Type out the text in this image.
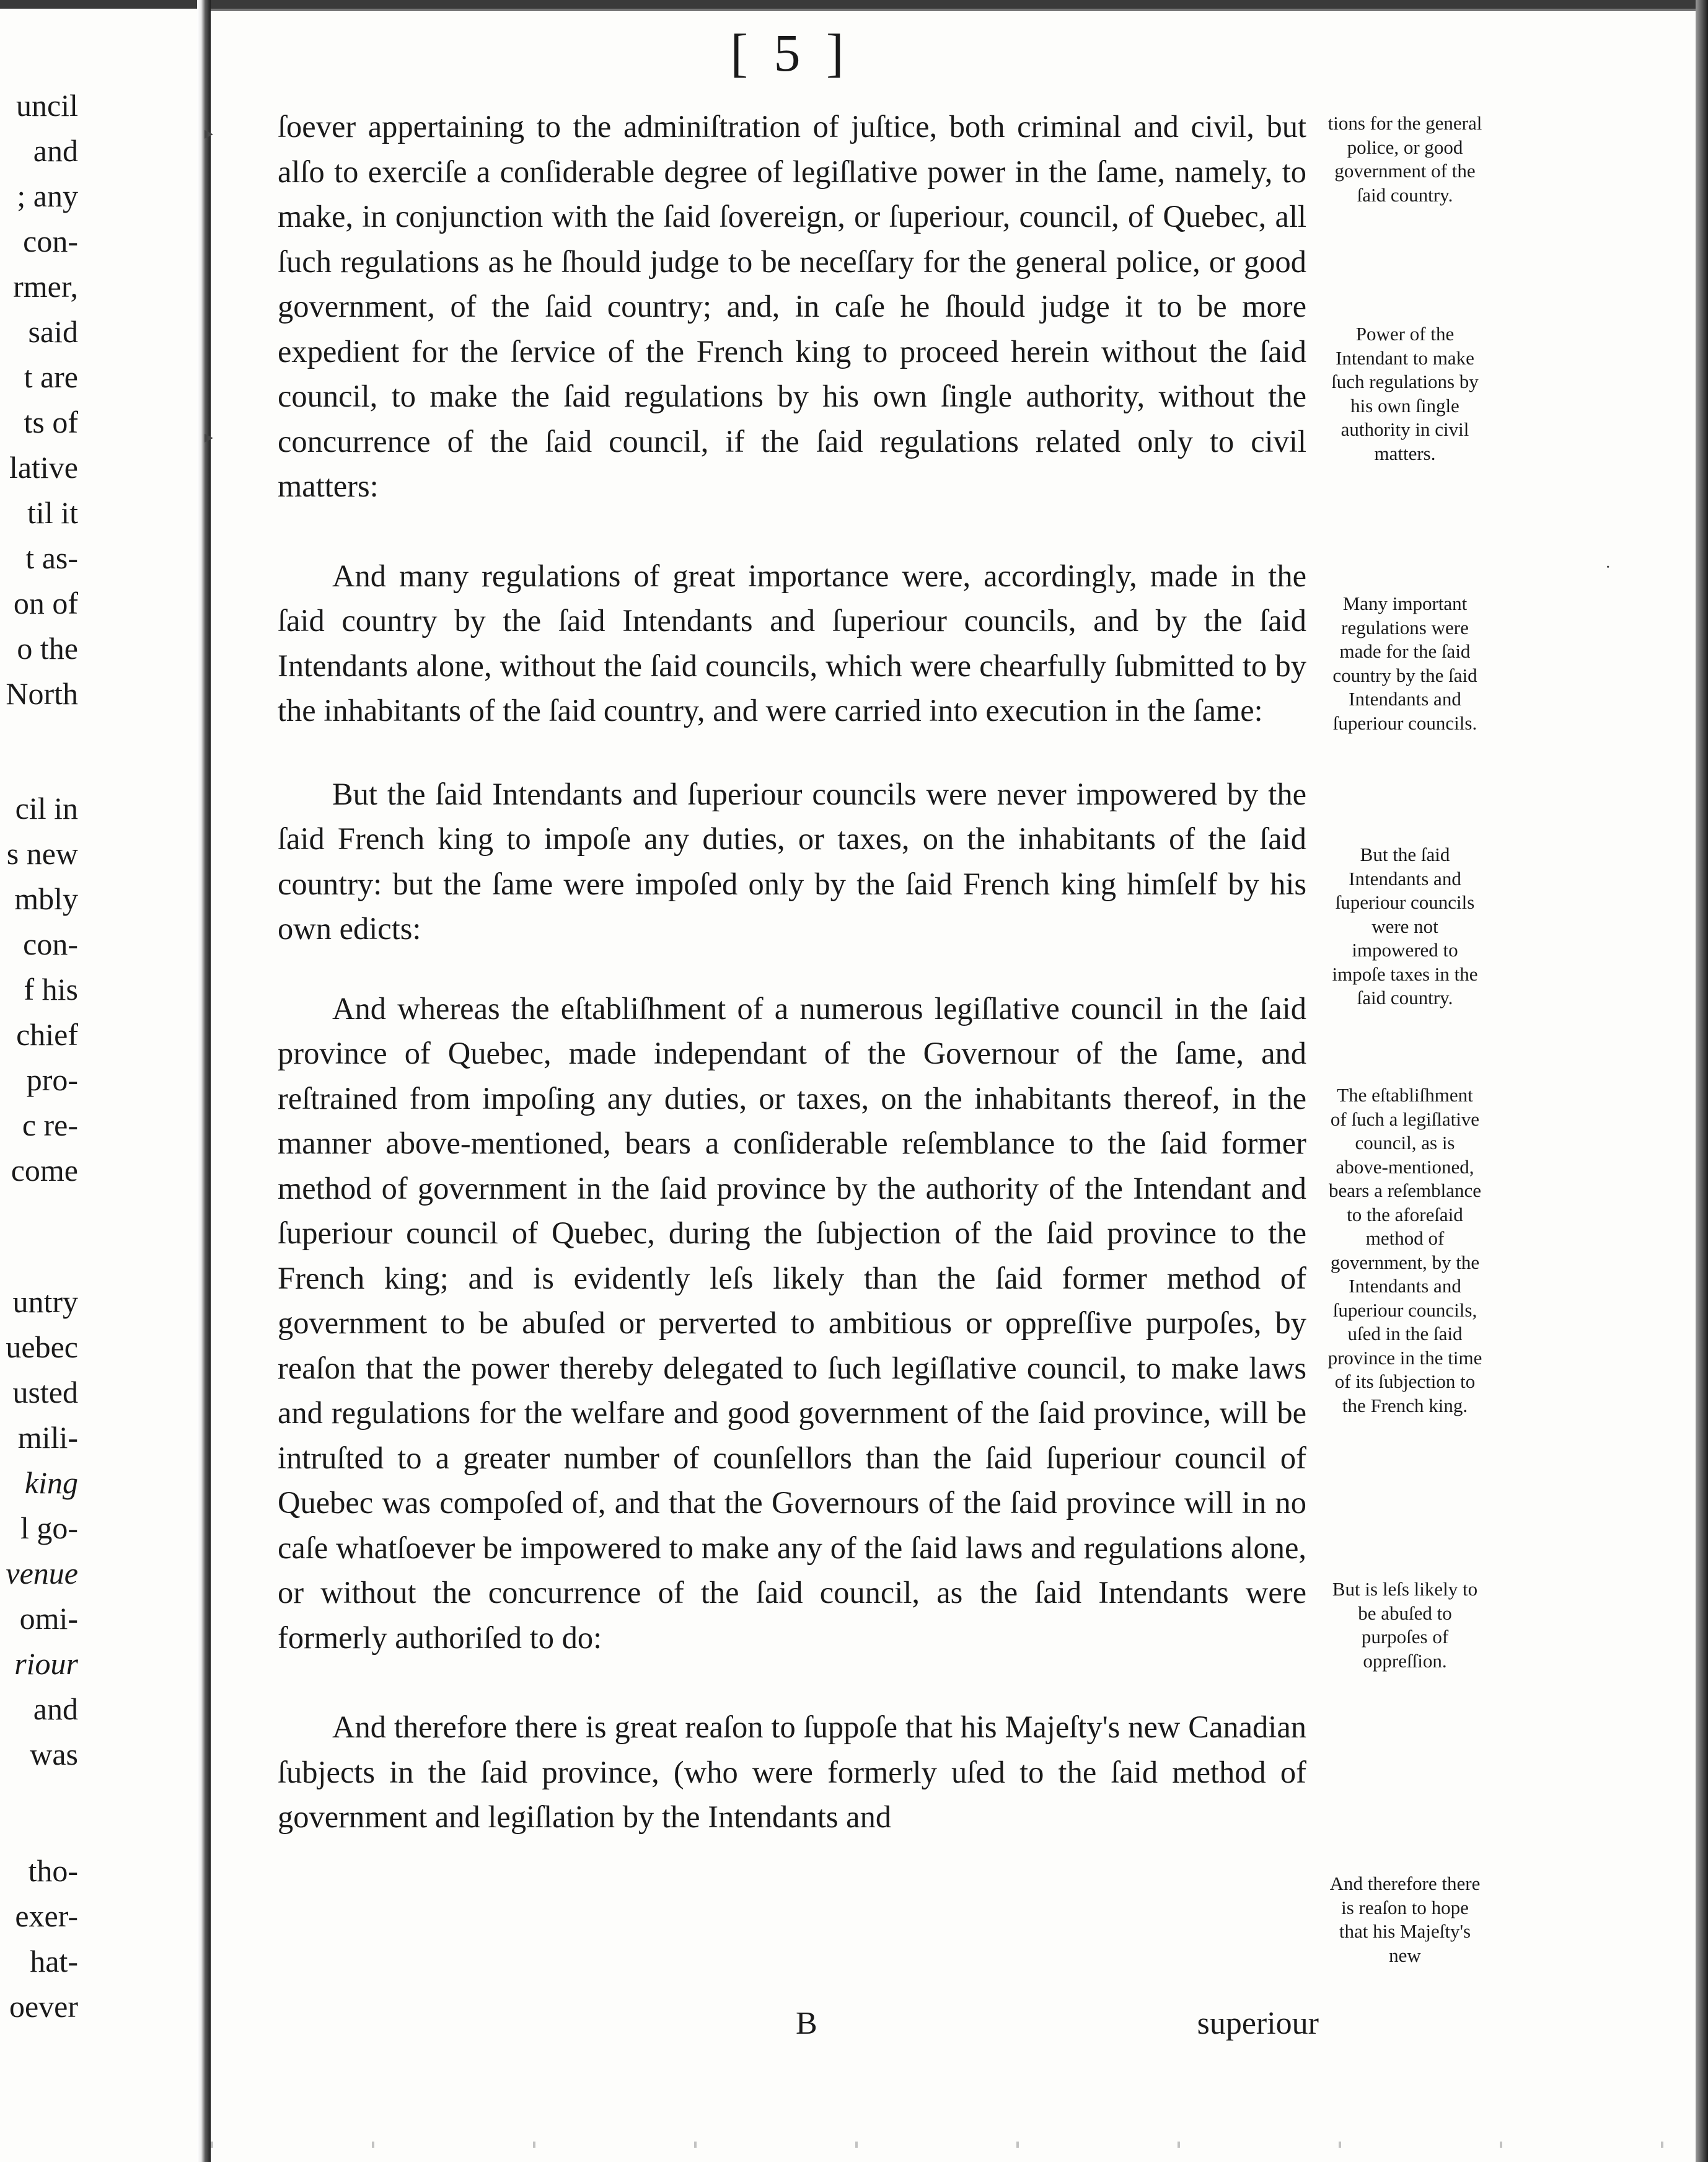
uncil
and
; any
con-
rmer,
said
t are
ts of
lative
til it
t as-
on of
o the
North
cil in
s new
mbly
con-
f his
chief
pro-
c re-
come
untry
uebec
usted
mili-
king
l go-
venue
omi-
riour
and
was
tho-
exer-
hat-
oever
▸
▸
·
[ 5 ]

ſoever appertaining to the adminiſtration of juſtice, both criminal and civil, but alſo to exerciſe a conſiderable degree of legiſlative power in the ſame, namely, to make, in conjunction with the ſaid ſovereign, or ſuperiour, council, of Quebec, all ſuch regulations as he ſhould judge to be neceſſary for the general police, or good government, of the ſaid country; and, in caſe he ſhould judge it to be more expedient for the ſervice of the French king to proceed herein without the ſaid council, to make the ſaid regulations by his own ſingle authority, without the concurrence of the ſaid council, if the ſaid regulations related only to civil matters:

And many regulations of great importance were, accordingly, made in the ſaid country by the ſaid Intendants and ſuperiour councils, and by the ſaid Intendants alone, without the ſaid councils, which were chearfully ſubmitted to by the inhabitants of the ſaid country, and were carried into execution in the ſame:

But the ſaid Intendants and ſuperiour councils were never impowered by the ſaid French king to impoſe any duties, or taxes, on the inhabitants of the ſaid country: but the ſame were impoſed only by the ſaid French king himſelf by his own edicts:

And whereas the eſtabliſhment of a numerous legiſlative council in the ſaid province of Quebec, made independant of the Governour of the ſame, and reſtrained from impoſing any duties, or taxes, on the inhabitants thereof, in the manner above-mentioned, bears a conſiderable reſemblance to the ſaid former method of government in the ſaid province by the authority of the Intendant and ſuperiour council of Quebec, during the ſubjection of the ſaid province to the French king; and is evidently leſs likely than the ſaid former method of government to be abuſed or perverted to ambitious or oppreſſive purpoſes, by reaſon that the power thereby delegated to ſuch legiſlative council, to make laws and regulations for the welfare and good government of the ſaid province, will be intruſted to a greater number of counſellors than the ſaid ſuperiour council of Quebec was compoſed of, and that the Governours of the ſaid province will in no caſe whatſoever be impowered to make any of the ſaid laws and regulations alone, or without the concurrence of the ſaid council, as the ſaid Intendants were formerly authoriſed to do:

And therefore there is great reaſon to ſuppoſe that his Majeſty's new Canadian ſubjects in the ſaid province, (who were formerly uſed to the ſaid method of government and legiſlation by the Intendants and

tions for the general police, or good government of the ſaid country.
Power of the Intendant to make ſuch regulations by his own ſingle authority in civil matters.
Many important regulations were made for the ſaid country by the ſaid Intendants and ſuperiour councils.
But the ſaid Intendants and ſuperiour councils were not impowered to impoſe taxes in the ſaid country.
The eſtabliſhment of ſuch a legiſlative council, as is above-mentioned, bears a reſemblance to the aforeſaid method of government, by the Intendants and ſuperiour councils, uſed in the ſaid province in the time of its ſubjection to the French king.
But is leſs likely to be abuſed to purpoſes of oppreſſion.
And therefore there is reaſon to hope that his Majeſty's new
B	superiour
